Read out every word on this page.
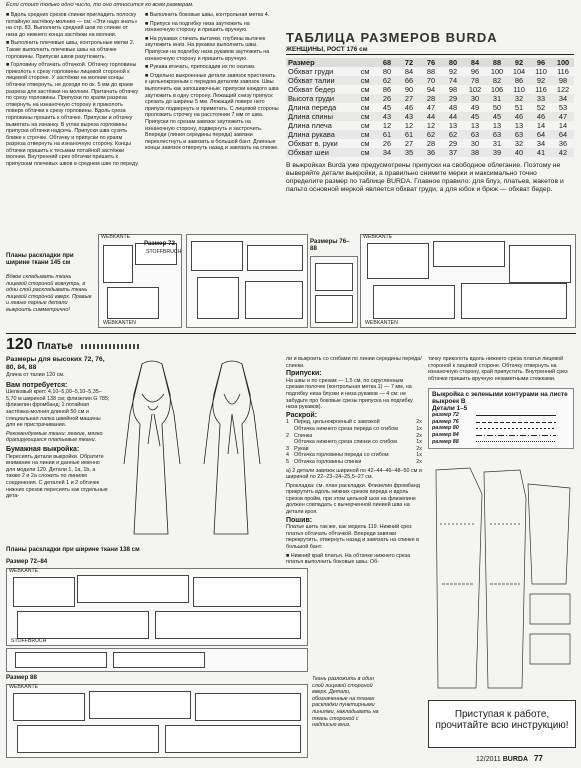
Если стоит только одно число, то оно относится ко всем размерам.

■ Вдоль средних срезов спинки пригладить полоску потайную застёжку-молнию — см. «Эти надо знать» на стр. 83. Выполнить средний шов по спинке от низа до нижнего конца застёжки на молнии.

■ Выполнить плечевые швы, контрольные метки 2. Также выполнить плечевые швы на обтачке горловины. Припуски швов разутюжить.

■ Горловину обтачать обтачкой. Обтачку горловины приколоть к срезу горловины лицевой стороной к лицевой стороне. У застёжки на молнии концы обтачки отвернуть, не доходя по ок. 5 мм до краев разреза для застёжки на молнии. Притачать обтачку по срезу горловины. Припуски по краям разреза отвернуть на изнаночную сторону и приколоть поверх обтачки к срезу горловины. Вдоль среза горловины прошить к обтачке. Припуски и обтачку выметать на изнанку. В углах выреза горловины припуски обтачки надсечь. Припуски шва сузить ближе к строчке. Обтачку и припуски по краям разреза отвернуть на изнаночную сторону. Концы обтачки пришить к тесьмам потайной застёжки молнии. Внутренний срез обтачки пришить к припускам плечевых швов в среднем шве по переду.

■ Выполнить боковые швы, контрольная метка 4.

■ Припуск на подгибку низа заутюжить на изнаночную сторону и пришить вручную.

■ На рукавах стачать вытачки, глубины вытачек заутюжить вниз. На рукавах выполнить швы. Припуски на подгибку низа рукавов заутюжить на изнаночную сторону и пришить вручную.

■ Рукава втачать, припосадив их по окатам.

■ Отдельно выкроенные детали завязок пристачать к цельнокроеным с передом деталям завязок. Швы выполнить как запошивочные: припуски каждого шва заутюжить в одну сторону. Лежащий снизу припуск срезать до ширины 5 мм. Лежащий поверх него припуск подвернуть и приметать. С лицевой стороны проложить строчку на расстоянии 7 мм от шва. Припуски по срезам завязок заутюжить на изнаночную сторону, подвернуть и застрочить. Впереди (линия середины переда) завязки перехлестнуть и завязать в большой бант. Длинные концы завязок отвернуть назад и завязать на спинке.

ТАБЛИЦА РАЗМЕРОВ BURDA
ЖЕНЩИНЫ, РОСТ 176 см
Размер		68	72	76	80	84	88	92	96	100
Обхват груди	см	80	84	88	92	96	100	104	110	116
Обхват талии	см	62	66	70	74	78	82	86	92	98
Обхват бедер	см	86	90	94	98	102	106	110	116	122
Высота груди	см	26	27	28	29	30	31	32	33	34
Длина переда	см	45	46	47	48	49	50	51	52	53
Длина спины	см	43	43	44	44	45	45	46	46	47
Длина плеча	см	12	12	12	13	13	13	13	14	14
Длина рукава	см	61	61	62	62	63	63	63	64	64
Обхват в. руки	см	26	27	28	29	30	31	32	34	36
Обхват шеи	см	34	35	36	37	38	39	40	41	42
В выкройках Burda уже предусмотрены припуски на свободное облегание. Поэтому не выверяйте детали выкройки, а правильно снимите мерки и максимально точно определите размер по таблице BURDA. Главное правило: для блуз, платьев, жакетов и пальто основной меркой является обхват груди, а для юбок и брюк — обхват бедер.
Планы раскладки при ширине ткани 145 см
Вдвое складывать ткань лицевой стороной вовнутрь, в одни слой раскладывать ткань лицевой стороной вверх. Правые и левые парные детали выкроить симметрично!
WEBKANTE
WEBKANTEN
Размер 72
STOFFBRUCH
Размеры 76–88
WEBKANTE
WEBKANTEN
120 Платье
Размеры для высоких 72, 76, 80, 84, 88
Длина от талии 120 см.
Вам потребуется:
Шелковый креп: 4,10–5,00–5,10–5,35–5,70 м шириной 138 см; флизелин G 785; флизелин фромбанд; 1 потайная застёжка-молния длиной 50 см и специальная лапка швейной машины для ее пристрачивания.
Рекомендуемые ткани: легкие, мягко драпирующиеся платьевые ткани.
Бумажная выкройка:
Пересиять детали выкройки. Обратите внимание на линии и данные именно для модели 120. Детали 1, 1a, 1b, а также 2 и 2a сложить по линиям соединения. С деталей 1 и 2 обтачек нижних срезов пересиять как отдельные дета-
ли и выкроить со сгибами по линии середины переда/спинки.
Припуски:
На швы и по срезам — 1,5 см, по скругленным срезам полочек (контрольная метка 1) — 7 мм, на подгибку низа блузки и низа рукавов — 4 см: не забудьте про боковые срезы припуска на подгибку низа рукавов).
Раскрой:
1 Перед, цельнокроеный с завязкой	2х
Обтачка нижнего среза переда со сгибом	1х
2 Спинка	2х
Обтачка нижнего среза спинки со сгибом	1х
3 Рукав	2х
4 Обтачка горловины переда со сгибом	1х
5 Обтачка горловины спинки	2х
а) 2 детали завязок шириной по 42–44–46–48–50 см и шириной по 22–23–24–25,5–27 см.
Прокладка: см. план раскладки. Флизелин фромбанд прикрутить вдоль нижних срезов переда и вдоль срезов пройм, при этом цельной шов на флизелине должен совпадать с вычерченной линией шва на детали кроя.
Пошив:
Платье шить так же, как модель 119. Нижний срез платья обтачать обтачкой. Впереди завязки перекрутить, отвернуть назад и завязать на спинке в большой бант.
■ Нижний край платья. На обтачке нижнего среза платья выполнить боковые швы. Об-
тачку приколоть вдоль нижнего среза платья лицевой стороной к лицевой стороне. Обтачку отвернуть на изнаночную сторону, край припустить. Внутренний срез обтачки пришить вручную незаметными стежками.
Выкройка с зелеными контурами на листе выкроек В
Детали 1–5
размер 72
размер 76
размер 80
размер 84
размер 88
Планы раскладки при ширине ткани 138 см
Размер 72–84
WEBKANTE
STOFFBRUCH
Размер 88
WEBKANTE
Ткань разложить в один слой лицевой стороной вверх. Детали, обозначенные на планах раскладки пунктирными линиями, накладывать на ткань стороной с надписью вниз.
Приступая к работе,
прочитайте всю инструкцию!
12/2011 BURDA 77
